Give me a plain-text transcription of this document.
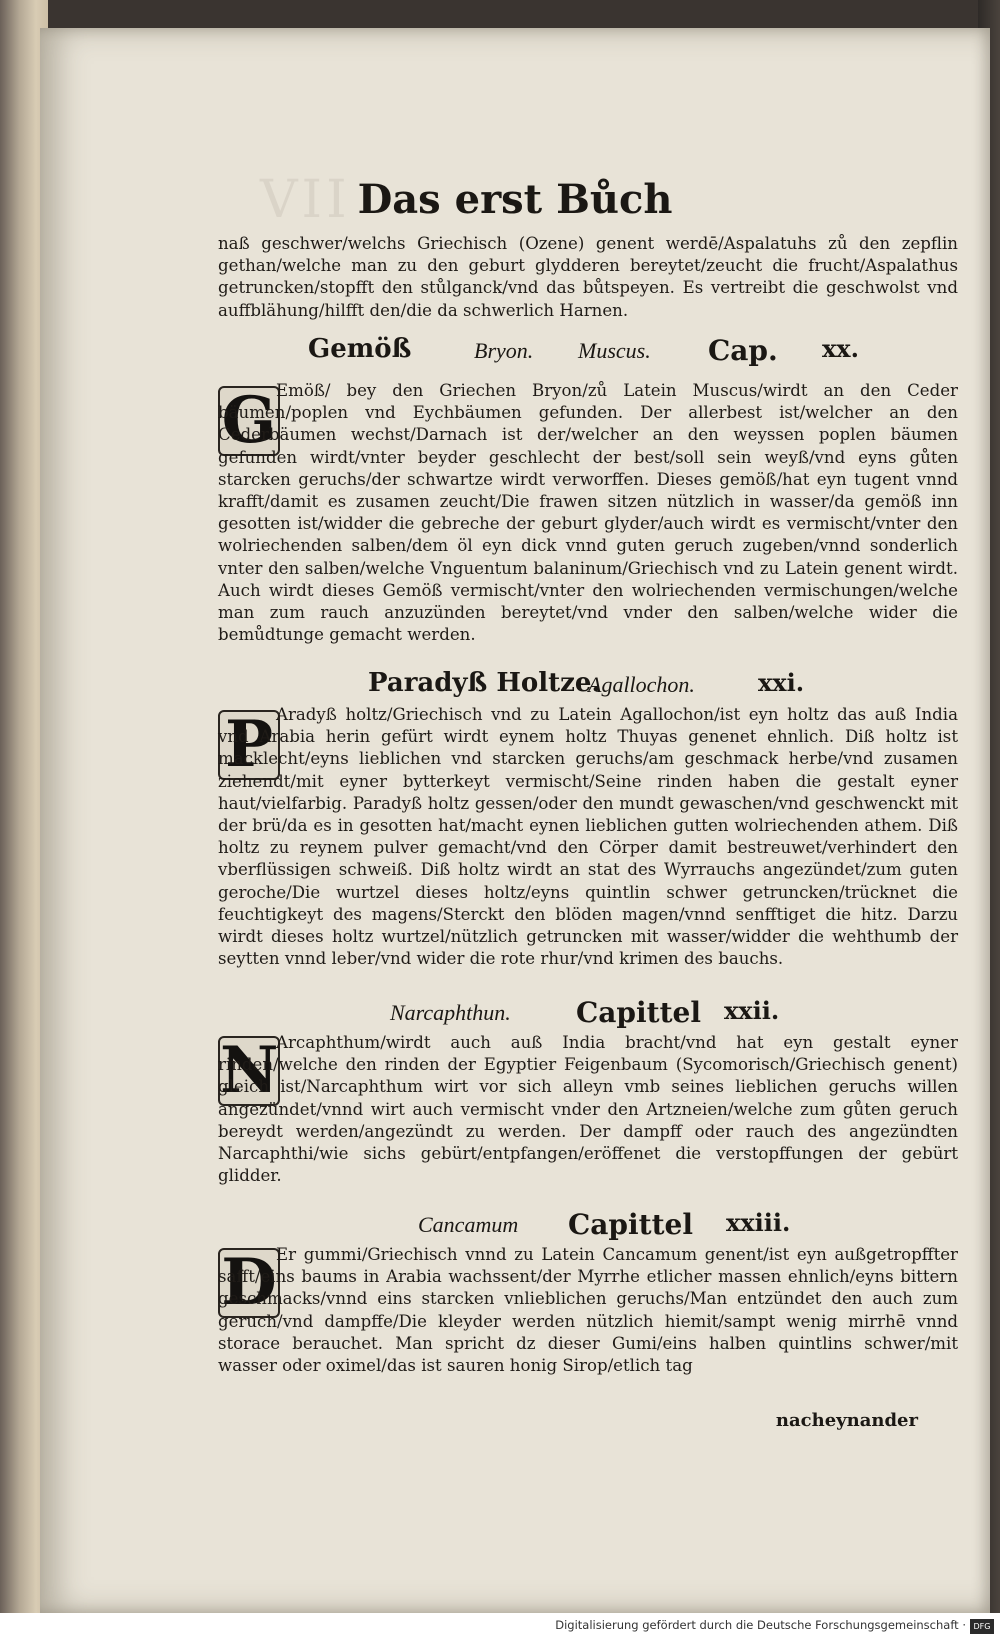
VII Das erst Bůch

naß geschwer/welchs Griechisch (Ozene) genent werdē/Aspalatuhs zů den zepflin gethan/welche man zu den geburt glydderen bereytet/zeucht die frucht/Aspalathus getruncken/stopfft den stůlganck/vnd das bůtspeyen. Es vertreibt die geschwolst vnd auffblähung/hilfft den/die da schwerlich Harnen.

Gemöß	Bryon. Muscus. Cap. xx.
G Emöß/ bey den Griechen Bryon/zů Latein Muscus/wirdt an den Ceder bäumen/poplen vnd Eychbäumen gefunden. Der allerbest ist/welcher an den Cederbäumen wechst/Darnach ist der/welcher an den weyssen poplen bäumen gefunden wirdt/vnter beyder geschlecht der best/soll sein weyß/vnd eyns gůten starcken geruchs/der schwartze wirdt verworffen. Dieses gemöß/hat eyn tugent vnnd krafft/damit es zusamen zeucht/Die frawen sitzen nützlich in wasser/da gemöß inn gesotten ist/widder die gebreche der geburt glyder/auch wirdt es vermischt/vnter den wolriechenden salben/dem öl eyn dick vnnd guten geruch zugeben/vnnd sonderlich vnter den salben/welche Vnguentum balaninum/Griechisch vnd zu Latein genent wirdt. Auch wirdt dieses Gemöß vermischt/vnter den wolriechenden vermischungen/welche man zum rauch anzuzünden bereytet/vnd vnder den salben/welche wider die bemůdtunge gemacht werden.

Paradyß Holtze.
Agallochon.	xxi.
P Aradyß holtz/Griechisch vnd zu Latein Agallochon/ist eyn holtz das auß India vnd Arabia herin gefürt wirdt eynem holtz Thuyas genenet ehnlich. Diß holtz ist macklecht/eyns lieblichen vnd starcken geruchs/am geschmack herbe/vnd zusamen ziehendt/mit eyner bytterkeyt vermischt/Seine rinden haben die gestalt eyner haut/vielfarbig. Paradyß holtz gessen/oder den mundt gewaschen/vnd geschwenckt mit der brü/da es in gesotten hat/macht eynen lieblichen gutten wolriechenden athem. Diß holtz zu reynem pulver gemacht/vnd den Cörper damit bestreuwet/verhindert den vberflüssigen schweiß. Diß holtz wirdt an stat des Wyrrauchs angezündet/zum guten geroche/Die wurtzel dieses holtz/eyns quintlin schwer getruncken/trücknet die feuchtigkeyt des magens/Sterckt den blöden magen/vnnd senfftiget die hitz. Darzu wirdt dieses holtz wurtzel/nützlich getruncken mit wasser/widder die wehthumb der seytten vnnd leber/vnd wider die rote rhur/vnd krimen des bauchs.

Narcaphthun. Capittel xxii.
N

Arcaphthum/wirdt auch auß India bracht/vnd hat eyn gestalt eyner rinden/welche den rinden der Egyptier Feigenbaum (Sycomorisch/Griechisch genent) gleich ist/Narcaphthum wirt vor sich alleyn vmb seines lieblichen geruchs willen angezündet/vnnd wirt auch vermischt vnder den Artzneien/welche zum gůten geruch bereydt werden/angezündt zu werden. Der dampff oder rauch des angezündten Narcaphthi/wie sichs gebürt/entpfangen/eröffenet die verstopffungen der gebürt glidder.

Cancamum Capittel xxiii.
D Er gummi/Griechisch vnnd zu Latein Cancamum genent/ist eyn außgetropffter safft/eins baums in Arabia wachssent/der Myrrhe etlicher massen ehnlich/eyns bittern geschmacks/vnnd eins starcken vnlieblichen geruchs/Man entzündet den auch zum geruch/vnd dampffe/Die kleyder werden nützlich hiemit/sampt wenig mirrhē vnnd storace berauchet. Man spricht dz dieser Gumi/eins halben quintlins schwer/mit wasser oder oximel/das ist sauren honig Sirop/etlich tag

nacheynander
Digitalisierung gefördert durch die Deutsche Forschungsgemeinschaft · DFG
